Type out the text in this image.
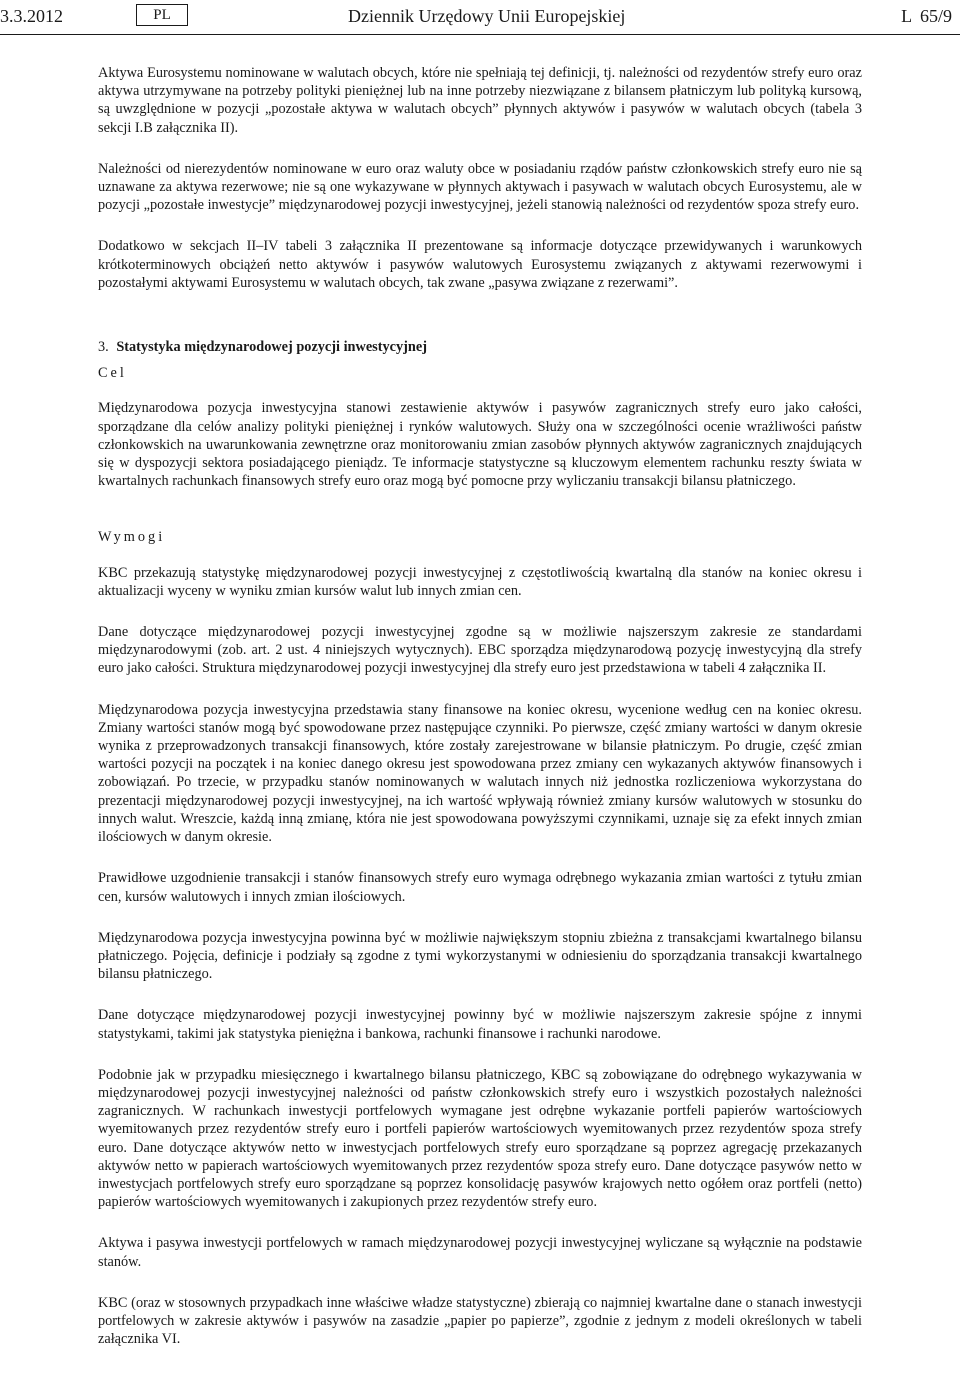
3.3.2012	PL	Dziennik Urzędowy Unii Europejskiej	L 65/9

Aktywa Eurosystemu nominowane w walutach obcych, które nie spełniają tej definicji, tj. należności od rezydentów strefy euro oraz aktywa utrzymywane na potrzeby polityki pieniężnej lub na inne potrzeby niezwiązane z bilansem płatniczym lub polityką kursową, są uwzględnione w pozycji „pozostałe aktywa w walutach obcych” płynnych aktywów i pasywów w walutach obcych (tabela 3 sekcji I.B załącznika II).

Należności od nierezydentów nominowane w euro oraz waluty obce w posiadaniu rządów państw członkowskich strefy euro nie są uznawane za aktywa rezerwowe; nie są one wykazywane w płynnych aktywach i pasywach w walutach obcych Eurosystemu, ale w pozycji „pozostałe inwestycje” międzynarodowej pozycji inwestycyjnej, jeżeli stanowią należności od rezydentów spoza strefy euro.

Dodatkowo w sekcjach II–IV tabeli 3 załącznika II prezentowane są informacje dotyczące przewidywanych i warunkowych krótkoterminowych obciążeń netto aktywów i pasywów walutowych Eurosystemu związanych z aktywami rezerwowymi i pozostałymi aktywami Eurosystemu w walutach obcych, tak zwane „pasywa związane z rezerwami”.

3. Statystyka międzynarodowej pozycji inwestycyjnej
Cel

Międzynarodowa pozycja inwestycyjna stanowi zestawienie aktywów i pasywów zagranicznych strefy euro jako całości, sporządzane dla celów analizy polityki pieniężnej i rynków walutowych. Służy ona w szczególności ocenie wrażliwości państw członkowskich na uwarunkowania zewnętrzne oraz monitorowaniu zmian zasobów płynnych aktywów zagranicznych znajdujących się w dyspozycji sektora posiadającego pieniądz. Te informacje statystyczne są kluczowym elementem rachunku reszty świata w kwartalnych rachunkach finansowych strefy euro oraz mogą być pomocne przy wyliczaniu transakcji bilansu płatniczego.

Wymogi

KBC przekazują statystykę międzynarodowej pozycji inwestycyjnej z częstotliwością kwartalną dla stanów na koniec okresu i aktualizacji wyceny w wyniku zmian kursów walut lub innych zmian cen.

Dane dotyczące międzynarodowej pozycji inwestycyjnej zgodne są w możliwie najszerszym zakresie ze standardami międzynarodowymi (zob. art. 2 ust. 4 niniejszych wytycznych). EBC sporządza międzynarodową pozycję inwestycyjną dla strefy euro jako całości. Struktura międzynarodowej pozycji inwestycyjnej dla strefy euro jest przedstawiona w tabeli 4 załącznika II.

Międzynarodowa pozycja inwestycyjna przedstawia stany finansowe na koniec okresu, wycenione według cen na koniec okresu. Zmiany wartości stanów mogą być spowodowane przez następujące czynniki. Po pierwsze, część zmiany wartości w danym okresie wynika z przeprowadzonych transakcji finansowych, które zostały zarejestrowane w bilansie płatniczym. Po drugie, część zmian wartości pozycji na początek i na koniec danego okresu jest spowodowana przez zmiany cen wykazanych aktywów finansowych i zobowiązań. Po trzecie, w przypadku stanów nominowanych w walutach innych niż jednostka rozliczeniowa wykorzystana do prezentacji międzynarodowej pozycji inwestycyjnej, na ich wartość wpływają również zmiany kursów walutowych w stosunku do innych walut. Wreszcie, każdą inną zmianę, która nie jest spowodowana powyższymi czynnikami, uznaje się za efekt innych zmian ilościowych w danym okresie.

Prawidłowe uzgodnienie transakcji i stanów finansowych strefy euro wymaga odrębnego wykazania zmian wartości z tytułu zmian cen, kursów walutowych i innych zmian ilościowych.

Międzynarodowa pozycja inwestycyjna powinna być w możliwie największym stopniu zbieżna z transakcjami kwartalnego bilansu płatniczego. Pojęcia, definicje i podziały są zgodne z tymi wykorzystanymi w odniesieniu do sporządzania transakcji kwartalnego bilansu płatniczego.

Dane dotyczące międzynarodowej pozycji inwestycyjnej powinny być w możliwie najszerszym zakresie spójne z innymi statystykami, takimi jak statystyka pieniężna i bankowa, rachunki finansowe i rachunki narodowe.

Podobnie jak w przypadku miesięcznego i kwartalnego bilansu płatniczego, KBC są zobowiązane do odrębnego wykazywania w międzynarodowej pozycji inwestycyjnej należności od państw członkowskich strefy euro i wszystkich pozostałych należności zagranicznych. W rachunkach inwestycji portfelowych wymagane jest odrębne wykazanie portfeli papierów wartościowych wyemitowanych przez rezydentów strefy euro i portfeli papierów wartościowych wyemitowanych przez rezydentów spoza strefy euro. Dane dotyczące aktywów netto w inwestycjach portfelowych strefy euro sporządzane są poprzez agregację przekazanych aktywów netto w papierach wartościowych wyemitowanych przez rezydentów spoza strefy euro. Dane dotyczące pasywów netto w inwestycjach portfelowych strefy euro sporządzane są poprzez konsolidację pasywów krajowych netto ogółem oraz portfeli (netto) papierów wartościowych wyemitowanych i zakupionych przez rezydentów strefy euro.

Aktywa i pasywa inwestycji portfelowych w ramach międzynarodowej pozycji inwestycyjnej wyliczane są wyłącznie na podstawie stanów.

KBC (oraz w stosownych przypadkach inne właściwe władze statystyczne) zbierają co najmniej kwartalne dane o stanach inwestycji portfelowych w zakresie aktywów i pasywów na zasadzie „papier po papierze”, zgodnie z jednym z modeli określonych w tabeli załącznika VI.
